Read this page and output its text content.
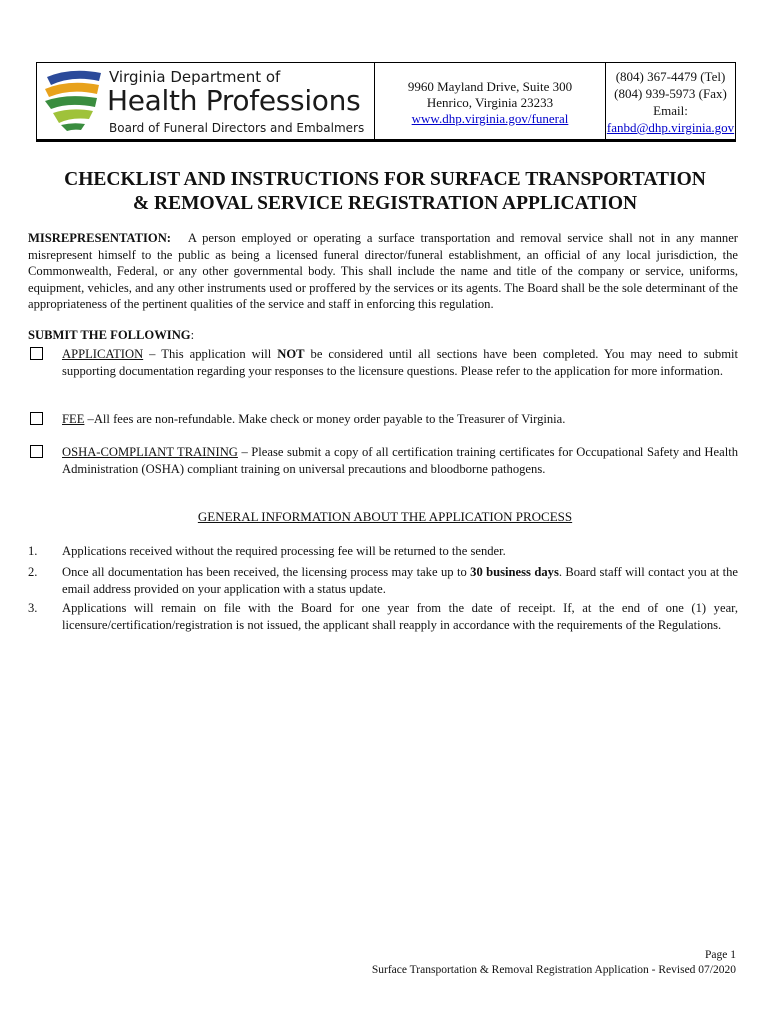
Virginia Department of
Health Professions
Board of Funeral Directors and Embalmers
9960 Mayland Drive, Suite 300
Henrico, Virginia 23233
www.dhp.virginia.gov/funeral
(804) 367-4479 (Tel)
(804) 939-5973 (Fax)
Email:
fanbd@dhp.virginia.gov
CHECKLIST AND INSTRUCTIONS FOR SURFACE TRANSPORTATION
& REMOVAL SERVICE REGISTRATION APPLICATION
MISREPRESENTATION: A person employed or operating a surface transportation and removal service shall not in any manner misrepresent himself to the public as being a licensed funeral director/funeral establishment, an official of any local jurisdiction, the Commonwealth, Federal, or any other governmental body. This shall include the name and title of the company or service, uniforms, equipment, vehicles, and any other instruments used or proffered by the services or its agents. The Board shall be the sole determinant of the appropriateness of the pertinent qualities of the service and staff in enforcing this regulation.
SUBMIT THE FOLLOWING:
APPLICATION – This application will NOT be considered until all sections have been completed. You may need to submit supporting documentation regarding your responses to the licensure questions. Please refer to the application for more information.
FEE –All fees are non-refundable. Make check or money order payable to the Treasurer of Virginia.
OSHA-COMPLIANT TRAINING – Please submit a copy of all certification training certificates for Occupational Safety and Health Administration (OSHA) compliant training on universal precautions and bloodborne pathogens.
GENERAL INFORMATION ABOUT THE APPLICATION PROCESS
1. Applications received without the required processing fee will be returned to the sender.
2. Once all documentation has been received, the licensing process may take up to 30 business days. Board staff will contact you at the email address provided on your application with a status update.
3. Applications will remain on file with the Board for one year from the date of receipt. If, at the end of one (1) year, licensure/certification/registration is not issued, the applicant shall reapply in accordance with the requirements of the Regulations.
Page 1
Surface Transportation & Removal Registration Application - Revised 07/2020
